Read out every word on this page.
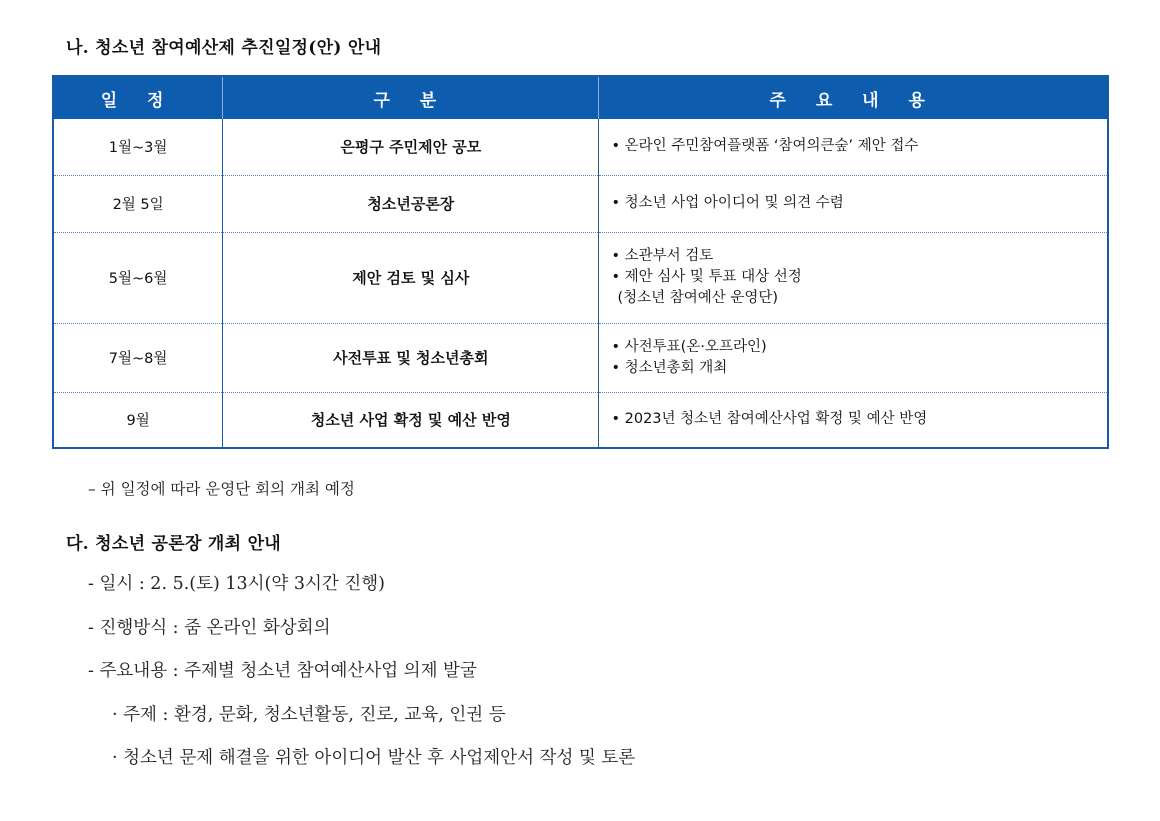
나. 청소년 참여예산제 추진일정(안) 안내
일 정	구 분	주 요 내 용
1월~3월	은평구 주민제안 공모	• 온라인 주민참여플랫폼 ‘참여의큰숲’ 제안 접수
2월 5일	청소년공론장	• 청소년 사업 아이디어 및 의견 수렴
5월~6월	제안 검토 및 심사	• 소관부서 검토
• 제안 심사 및 투표 대상 선정
(청소년 참여예산 운영단)

7월~8월	사전투표 및 청소년총회	• 사전투표(온·오프라인)
• 청소년총회 개최

9월	청소년 사업 확정 및 예산 반영	• 2023년 청소년 참여예산사업 확정 및 예산 반영
– 위 일정에 따라 운영단 회의 개최 예정
다. 청소년 공론장 개최 안내
- 일시 : 2. 5.(토) 13시(약 3시간 진행)
- 진행방식 : 줌 온라인 화상회의
- 주요내용 : 주제별 청소년 참여예산사업 의제 발굴
· 주제 : 환경, 문화, 청소년활동, 진로, 교육, 인권 등
· 청소년 문제 해결을 위한 아이디어 발산 후 사업제안서 작성 및 토론
